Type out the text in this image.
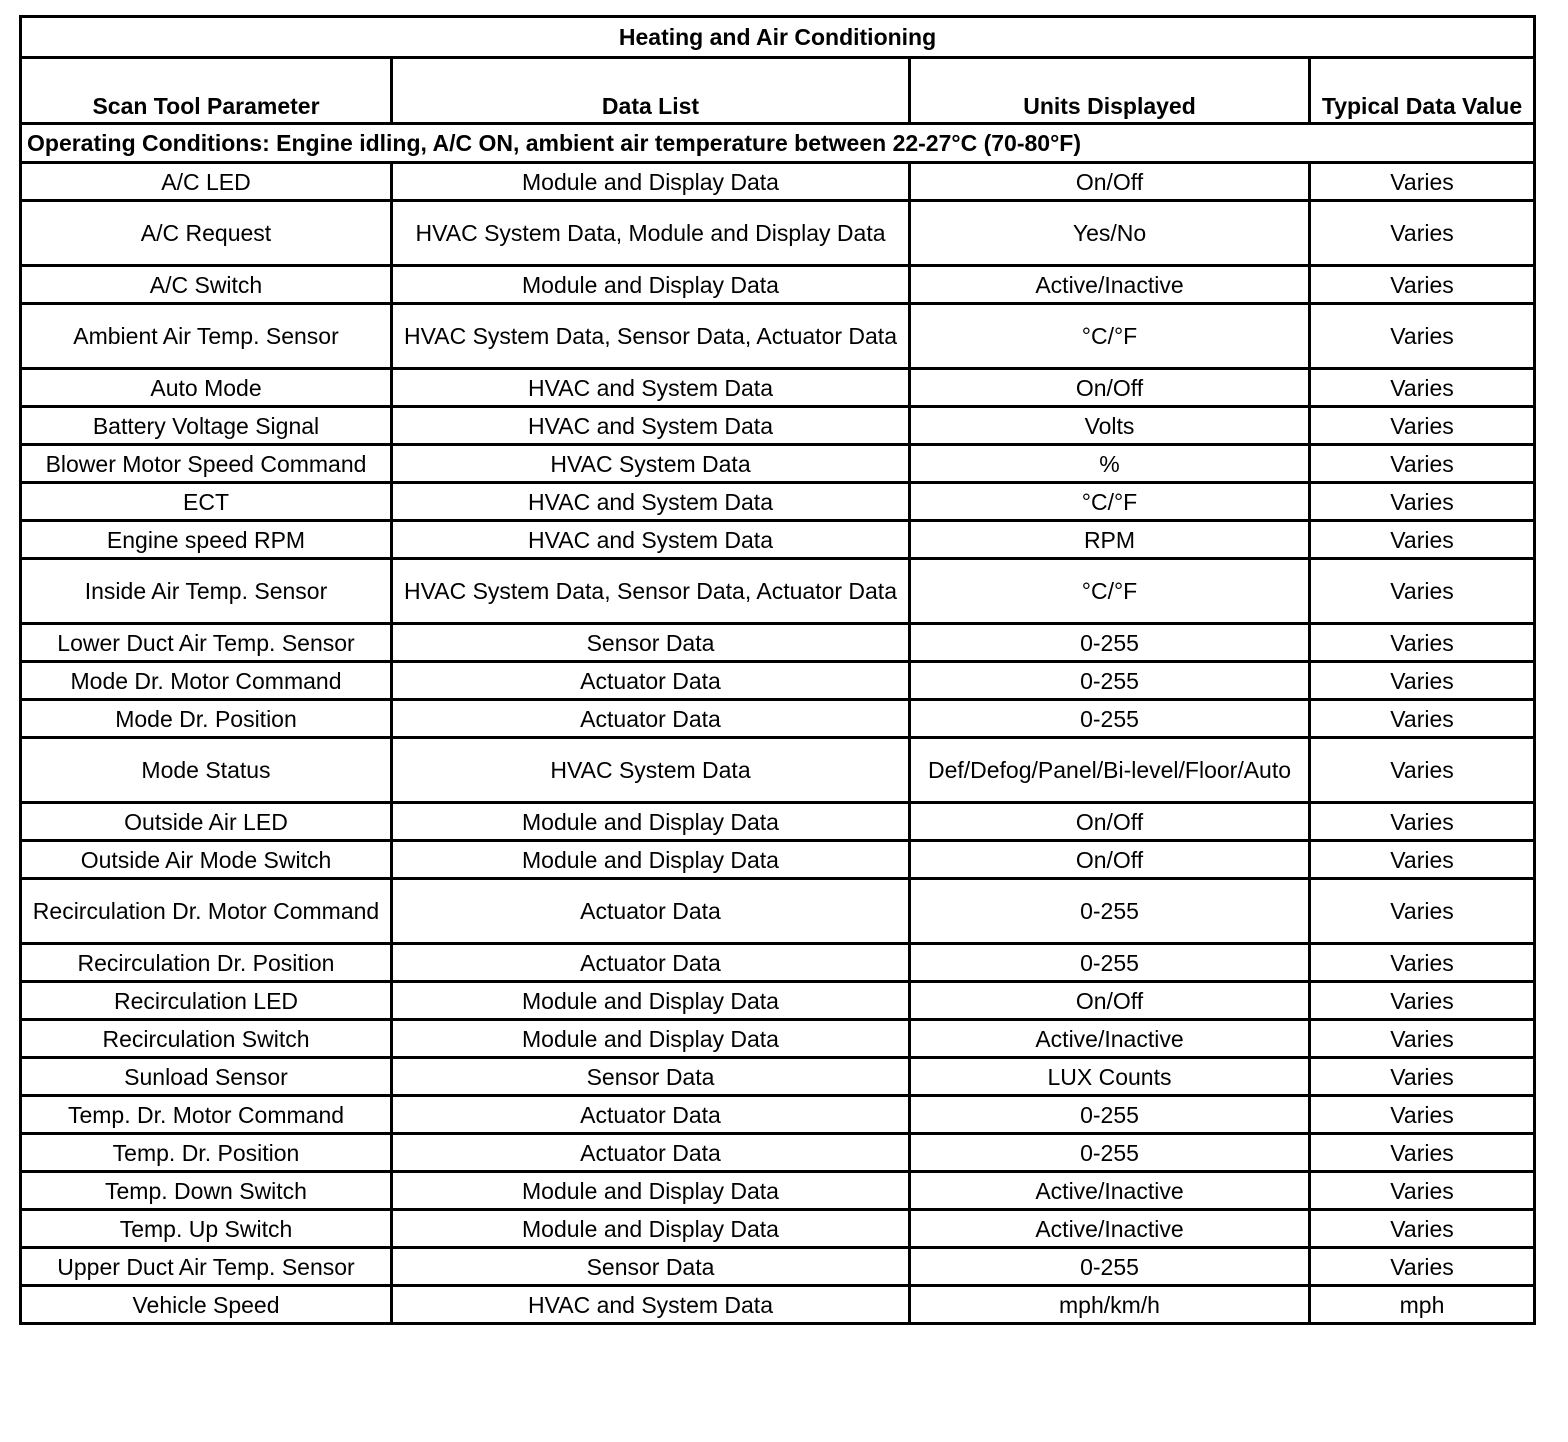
Heating and Air Conditioning			
Scan Tool Parameter	Data List	Units Displayed	Typical Data Value
Operating Conditions: Engine idling, A/C ON, ambient air temperature between 22-27°C (70-80°F)			
A/C LED	Module and Display Data	On/Off	Varies
A/C Request	HVAC System Data, Module and Display Data	Yes/No	Varies
A/C Switch	Module and Display Data	Active/Inactive	Varies
Ambient Air Temp. Sensor	HVAC System Data, Sensor Data, Actuator Data	°C/°F	Varies
Auto Mode	HVAC and System Data	On/Off	Varies
Battery Voltage Signal	HVAC and System Data	Volts	Varies
Blower Motor Speed Command	HVAC System Data	%	Varies
ECT	HVAC and System Data	°C/°F	Varies
Engine speed RPM	HVAC and System Data	RPM	Varies
Inside Air Temp. Sensor	HVAC System Data, Sensor Data, Actuator Data	°C/°F	Varies
Lower Duct Air Temp. Sensor	Sensor Data	0-255	Varies
Mode Dr. Motor Command	Actuator Data	0-255	Varies
Mode Dr. Position	Actuator Data	0-255	Varies
Mode Status	HVAC System Data	Def/Defog/Panel/Bi-level/Floor/Auto	Varies
Outside Air LED	Module and Display Data	On/Off	Varies
Outside Air Mode Switch	Module and Display Data	On/Off	Varies
Recirculation Dr. Motor Command	Actuator Data	0-255	Varies
Recirculation Dr. Position	Actuator Data	0-255	Varies
Recirculation LED	Module and Display Data	On/Off	Varies
Recirculation Switch	Module and Display Data	Active/Inactive	Varies
Sunload Sensor	Sensor Data	LUX Counts	Varies
Temp. Dr. Motor Command	Actuator Data	0-255	Varies
Temp. Dr. Position	Actuator Data	0-255	Varies
Temp. Down Switch	Module and Display Data	Active/Inactive	Varies
Temp. Up Switch	Module and Display Data	Active/Inactive	Varies
Upper Duct Air Temp. Sensor	Sensor Data	0-255	Varies
Vehicle Speed	HVAC and System Data	mph/km/h	mph
